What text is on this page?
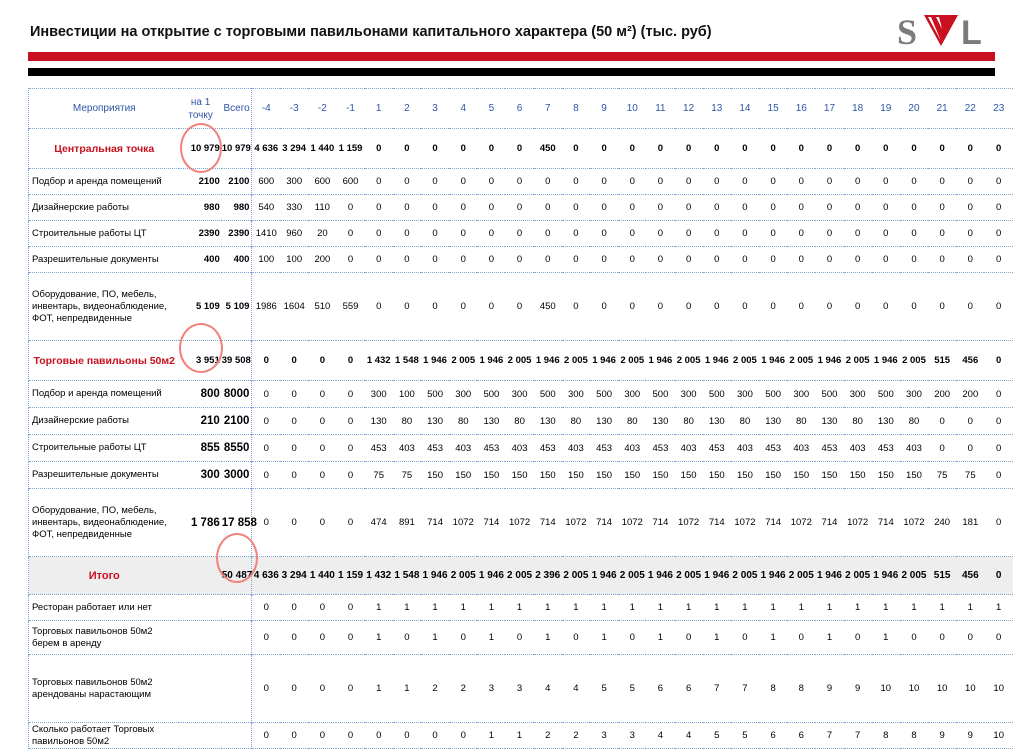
Инвестиции на открытие с торговыми павильонами капитального характера (50 м²) (тыс. руб)	S L
Мероприятия	на 1 точку	Всего	-4	-3	-2	-1	1	2	3	4	5	6	7	8	9	10	11	12	13	14	15	16	17	18	19	20	21	22	23
Центральная точка	10 979	10 979	4 636	3 294	1 440	1 159	0	0	0	0	0	0	450	0	0	0	0	0	0	0	0	0	0	0	0	0	0	0	0
Подбор и аренда помещений	2100	2100	600	300	600	600	0	0	0	0	0	0	0	0	0	0	0	0	0	0	0	0	0	0	0	0	0	0	0
Дизайнерские работы	980	980	540	330	110	0	0	0	0	0	0	0	0	0	0	0	0	0	0	0	0	0	0	0	0	0	0	0	0
Строительные работы ЦТ	2390	2390	1410	960	20	0	0	0	0	0	0	0	0	0	0	0	0	0	0	0	0	0	0	0	0	0	0	0	0
Разрешительные документы	400	400	100	100	200	0	0	0	0	0	0	0	0	0	0	0	0	0	0	0	0	0	0	0	0	0	0	0	0
Оборудование, ПО, мебель, инвентарь, видеонаблюдение, ФОТ, непредвиденные	5 109	5 109	1986	1604	510	559	0	0	0	0	0	0	450	0	0	0	0	0	0	0	0	0	0	0	0	0	0	0	0
Торговые павильоны 50м2	3 951	39 508	0	0	0	0	1 432	1 548	1 946	2 005	1 946	2 005	1 946	2 005	1 946	2 005	1 946	2 005	1 946	2 005	1 946	2 005	1 946	2 005	1 946	2 005	515	456	0
Подбор и аренда помещений	800	8000	0	0	0	0	300	100	500	300	500	300	500	300	500	300	500	300	500	300	500	300	500	300	500	300	200	200	0
Дизайнерские работы	210	2100	0	0	0	0	130	80	130	80	130	80	130	80	130	80	130	80	130	80	130	80	130	80	130	80	0	0	0
Строительные работы ЦТ	855	8550	0	0	0	0	453	403	453	403	453	403	453	403	453	403	453	403	453	403	453	403	453	403	453	403	0	0	0
Разрешительные документы	300	3000	0	0	0	0	75	75	150	150	150	150	150	150	150	150	150	150	150	150	150	150	150	150	150	150	75	75	0
Оборудование, ПО, мебель, инвентарь, видеонаблюдение, ФОТ, непредвиденные	1 786	17 858	0	0	0	0	474	891	714	1072	714	1072	714	1072	714	1072	714	1072	714	1072	714	1072	714	1072	714	1072	240	181	0
Итого		50 487	4 636	3 294	1 440	1 159	1 432	1 548	1 946	2 005	1 946	2 005	2 396	2 005	1 946	2 005	1 946	2 005	1 946	2 005	1 946	2 005	1 946	2 005	1 946	2 005	515	456	0
Ресторан работает или нет			0	0	0	0	1	1	1	1	1	1	1	1	1	1	1	1	1	1	1	1	1	1	1	1	1	1	1
Торговых павильонов 50м2 берем в аренду			0	0	0	0	1	0	1	0	1	0	1	0	1	0	1	0	1	0	1	0	1	0	1	0	0	0	0
Торговых павильонов 50м2 арендованы нарастающим			0	0	0	0	1	1	2	2	3	3	4	4	5	5	6	6	7	7	8	8	9	9	10	10	10	10	10
Сколько работает Торговых павильонов 50м2			0	0	0	0	0	0	0	0	1	1	2	2	3	3	4	4	5	5	6	6	7	7	8	8	9	9	10
